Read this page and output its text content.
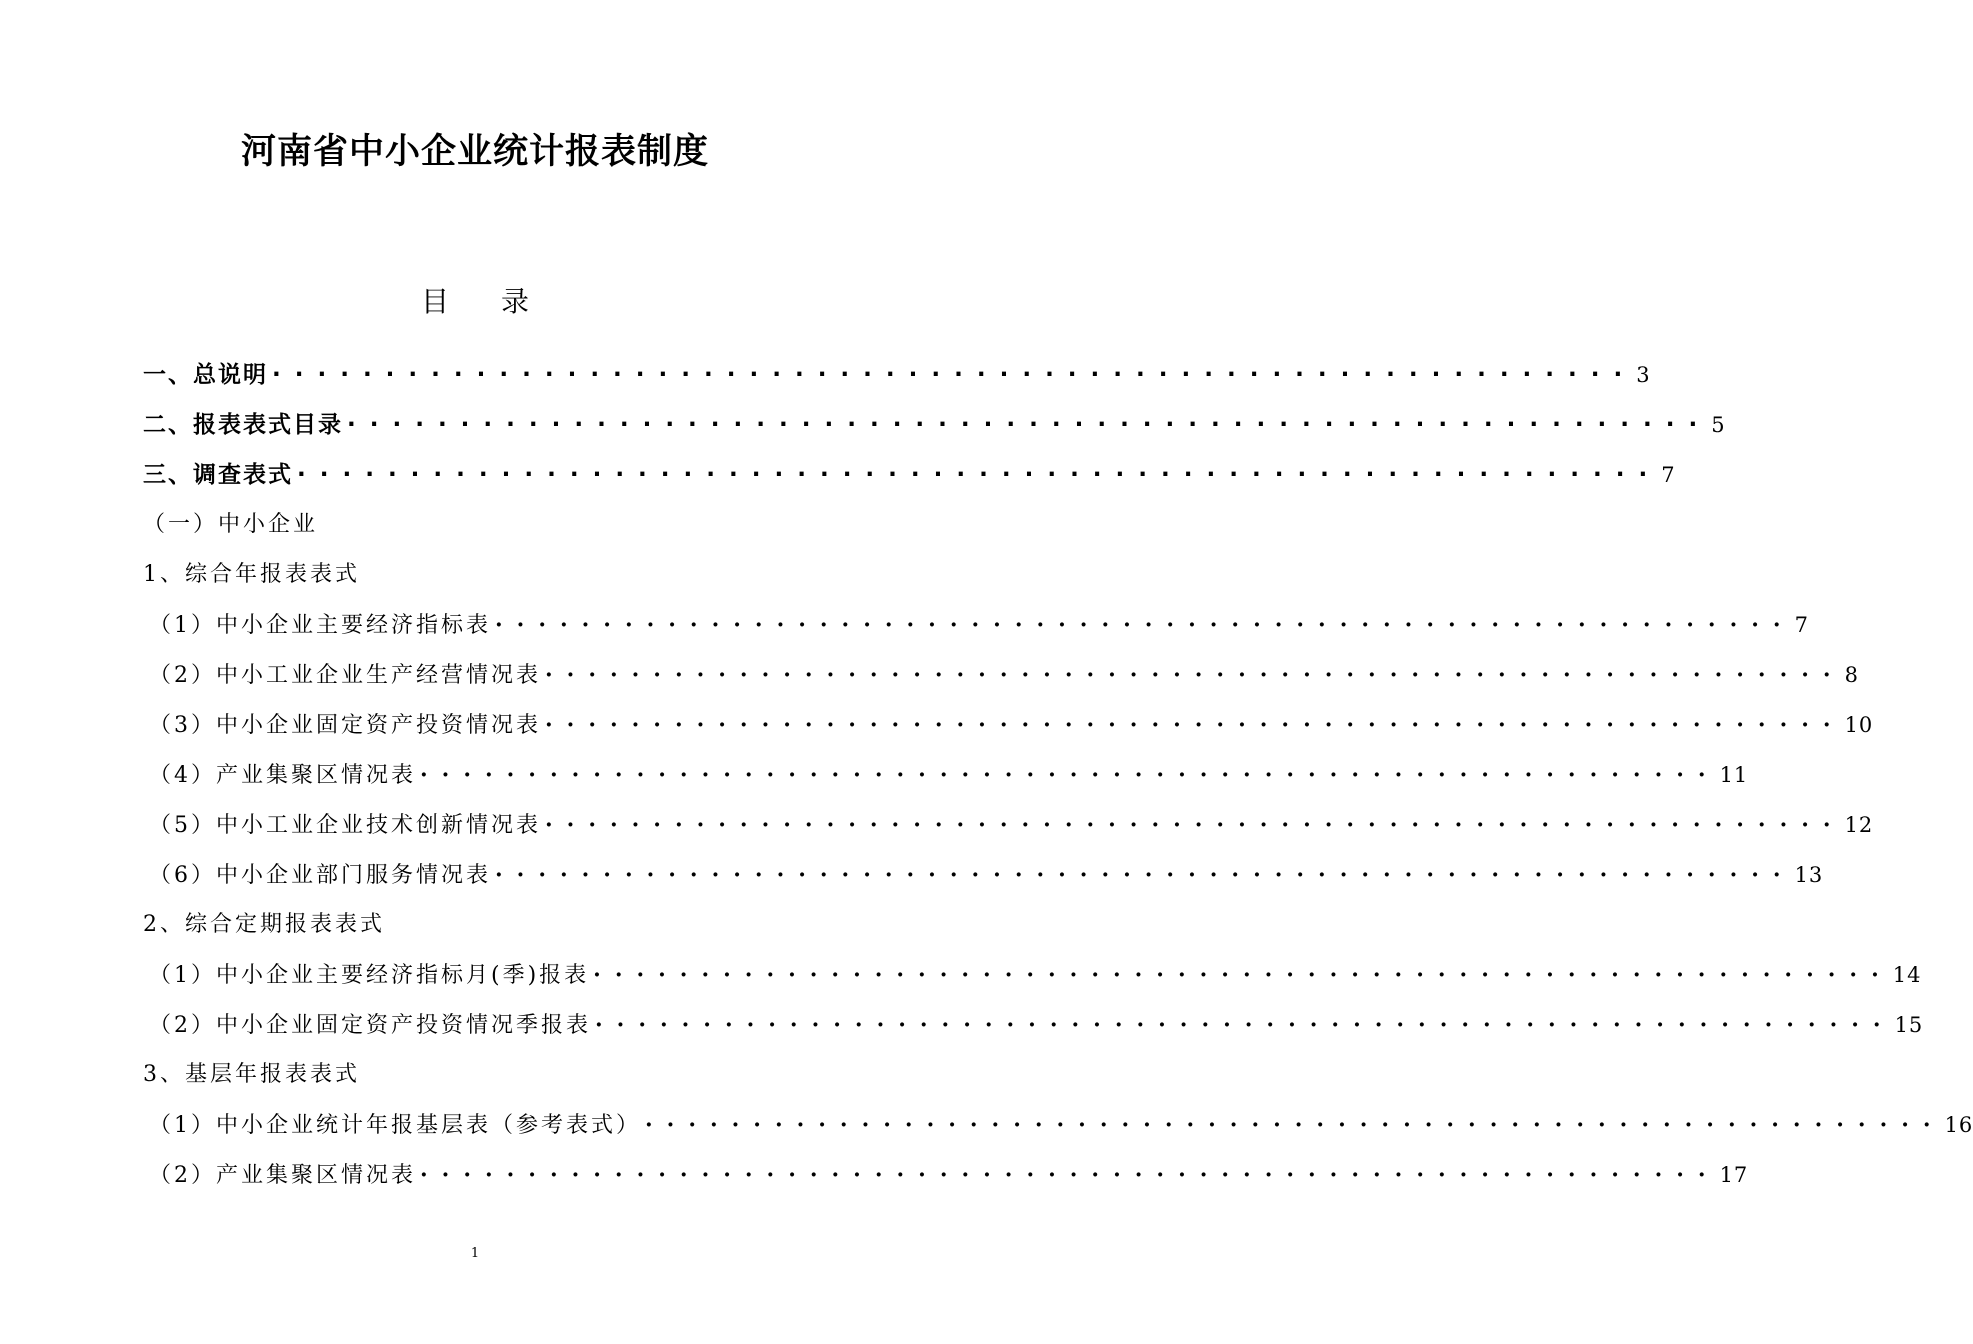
河南省中小企业统计报表制度
目 录
一、总说明 ···························································· 3
二、报表表式目录 ···························································· 5
三、调查表式 ···························································· 7
（一）中小企业
1、综合年报表表式
（1）中小企业主要经济指标表 ···························································· 7
（2）中小工业企业生产经营情况表 ···························································· 8
（3）中小企业固定资产投资情况表 ···························································· 10
（4）产业集聚区情况表 ···························································· 11
（5）中小工业企业技术创新情况表 ···························································· 12
（6）中小企业部门服务情况表 ···························································· 13
2、综合定期报表表式
（1）中小企业主要经济指标月(季)报表 ···························································· 14
（2）中小企业固定资产投资情况季报表 ···························································· 15
3、基层年报表表式
（1）中小企业统计年报基层表（参考表式） ···························································· 16
（2）产业集聚区情况表 ···························································· 17
1
